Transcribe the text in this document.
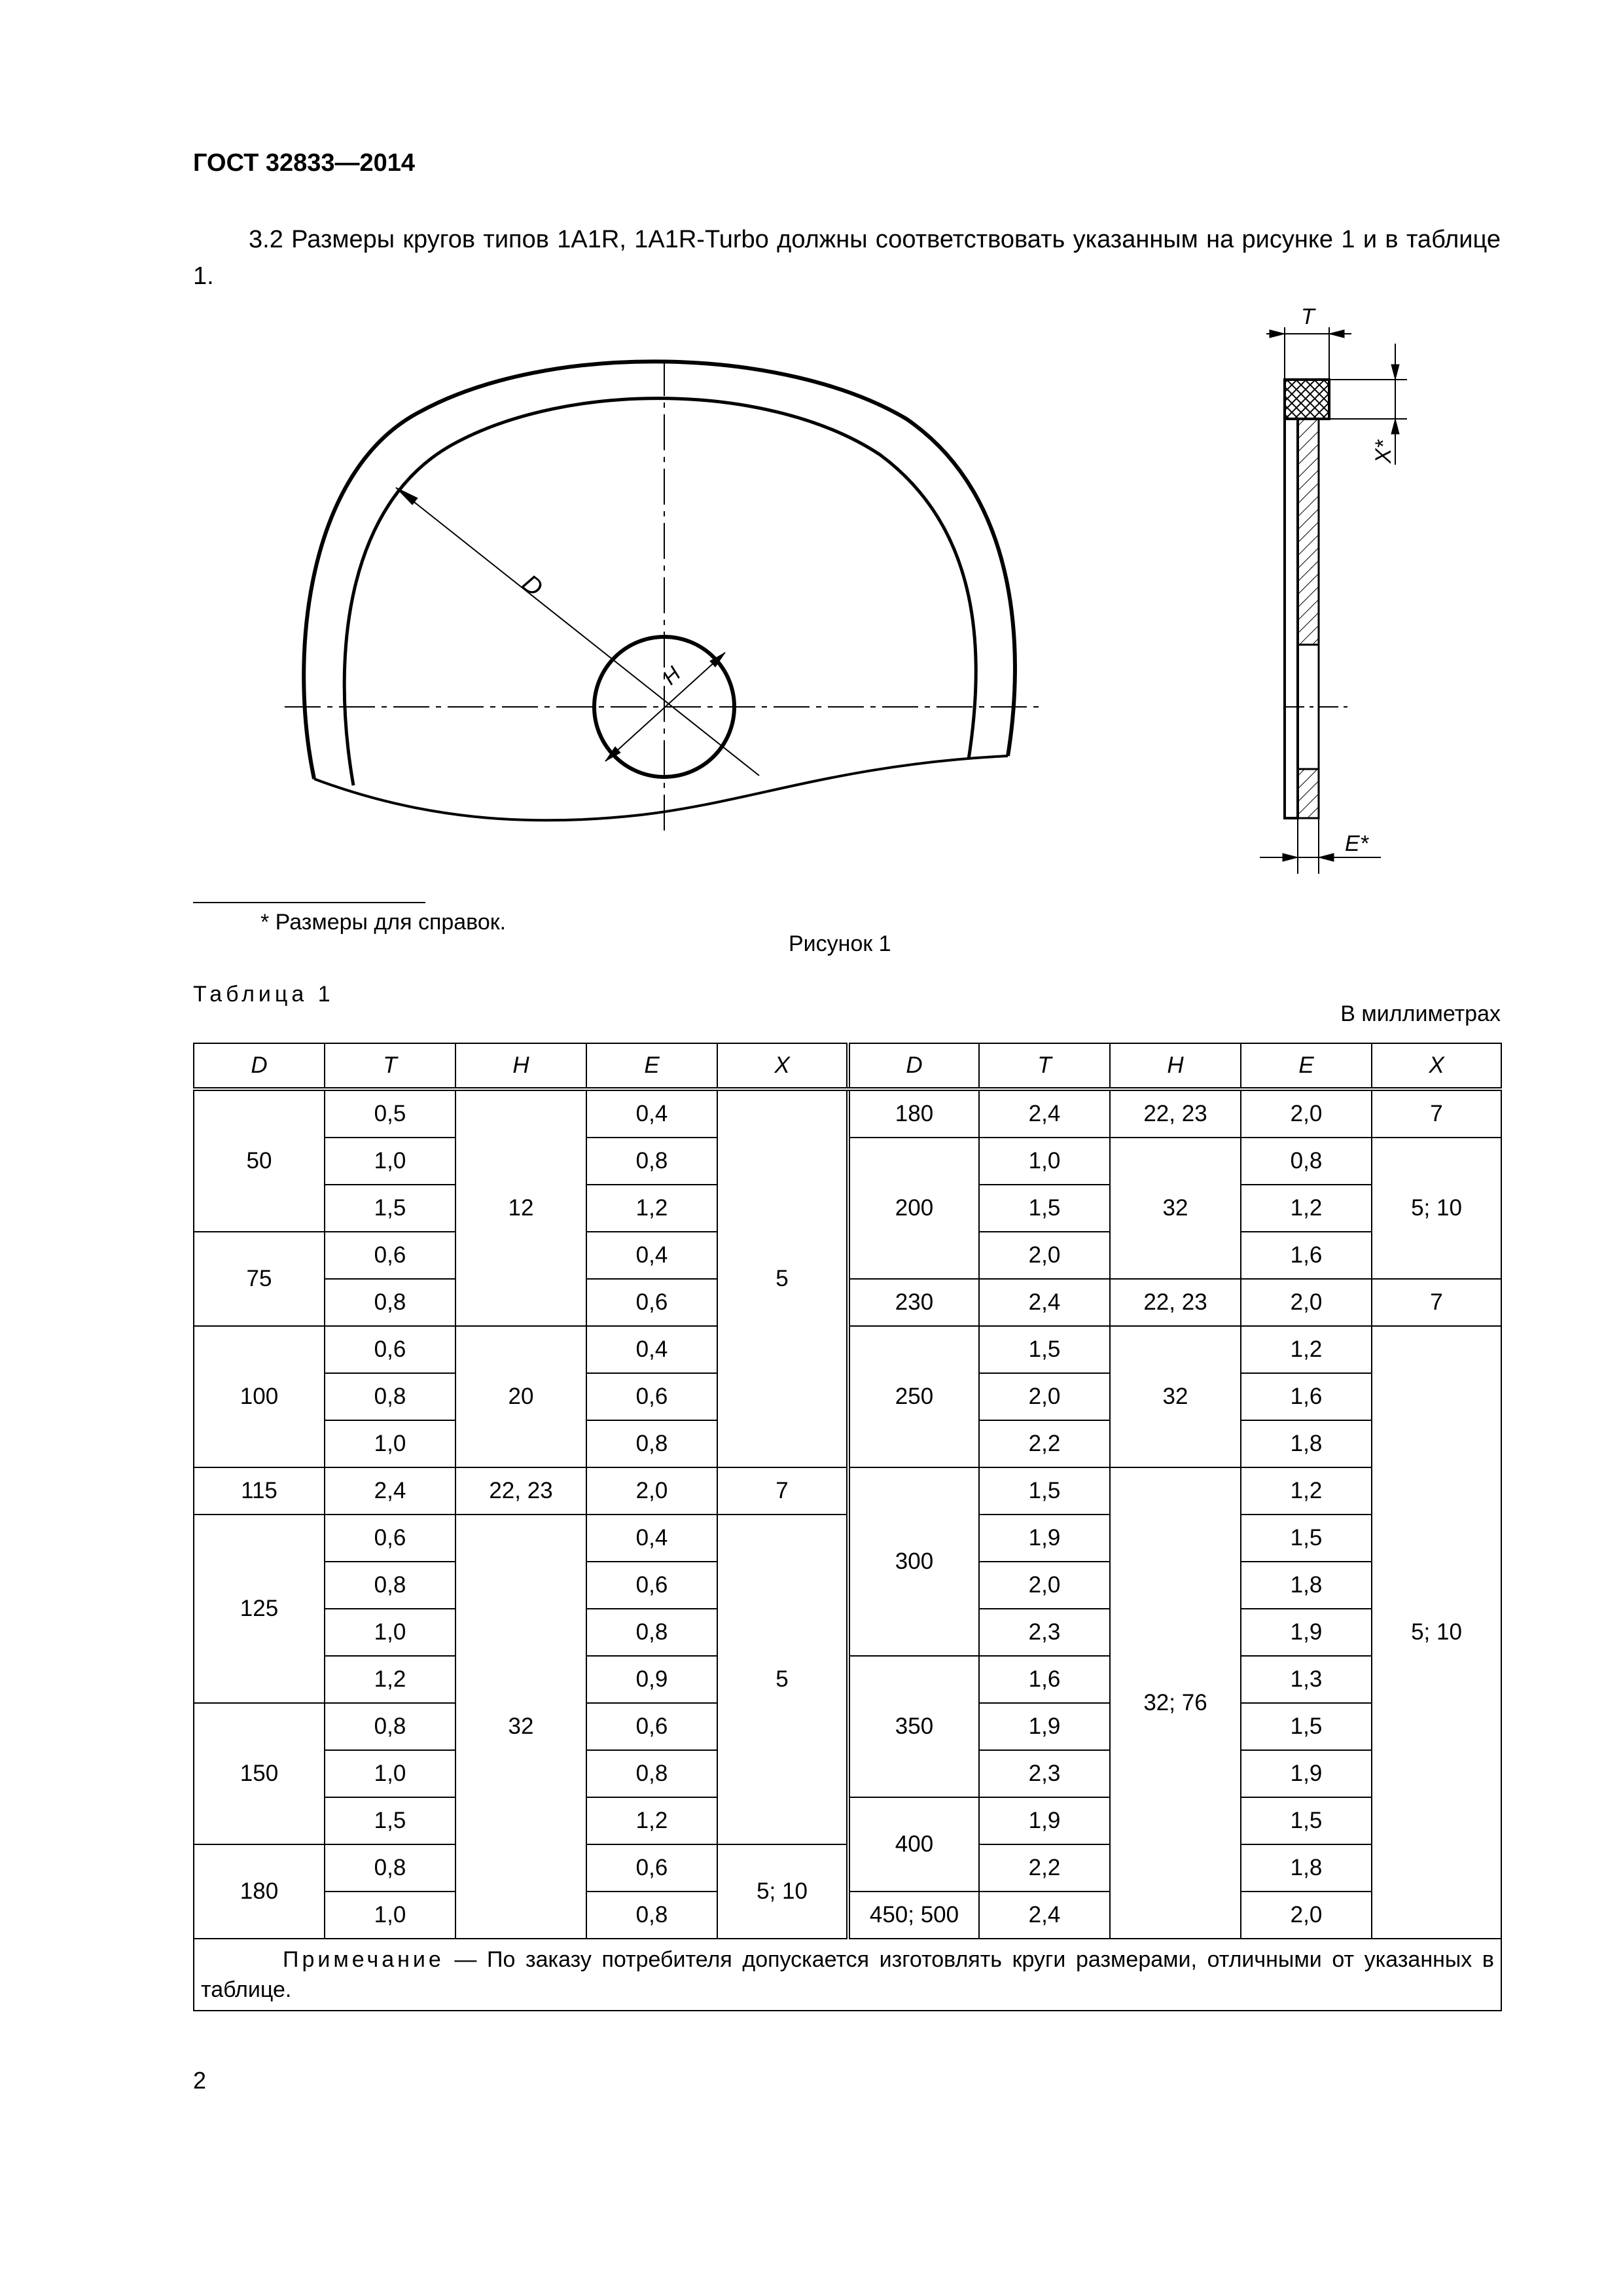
ГОСТ 32833—2014
3.2 Размеры кругов типов 1А1R, 1А1R-Turbo должны соответствовать указанным на рисунке 1 и в таблице 1.
D
H
T
X*
E*
* Размеры для справок.
Рисунок 1
Таблица 1
В миллиметрах
D	T	H	E	X	D	T	H	E	X
50	0,5	12	0,4	5	180	2,4	22, 23	2,0	7
	1,0		0,8		200	1,0	32	0,8	5; 10
	1,5		1,2			1,5		1,2	
75	0,6		0,4			2,0		1,6	
	0,8		0,6		230	2,4	22, 23	2,0	7
100	0,6	20	0,4		250	1,5	32	1,2	5; 10
	0,8		0,6			2,0		1,6	
	1,0		0,8			2,2		1,8	
115	2,4	22, 23	2,0	7	300	1,5	32; 76	1,2	
125	0,6	32	0,4	5		1,9		1,5	
	0,8		0,6			2,0		1,8	
	1,0		0,8			2,3		1,9	
	1,2		0,9		350	1,6		1,3	
150	0,8		0,6			1,9		1,5	
	1,0		0,8			2,3		1,9	
	1,5		1,2		400	1,9		1,5	
180	0,8		0,6	5; 10		2,2		1,8	
	1,0		0,8		450; 500	2,4		2,0	
Примечание — По заказу потребителя допускается изготовлять круги размерами, отличными от указанных в таблице.									
2
